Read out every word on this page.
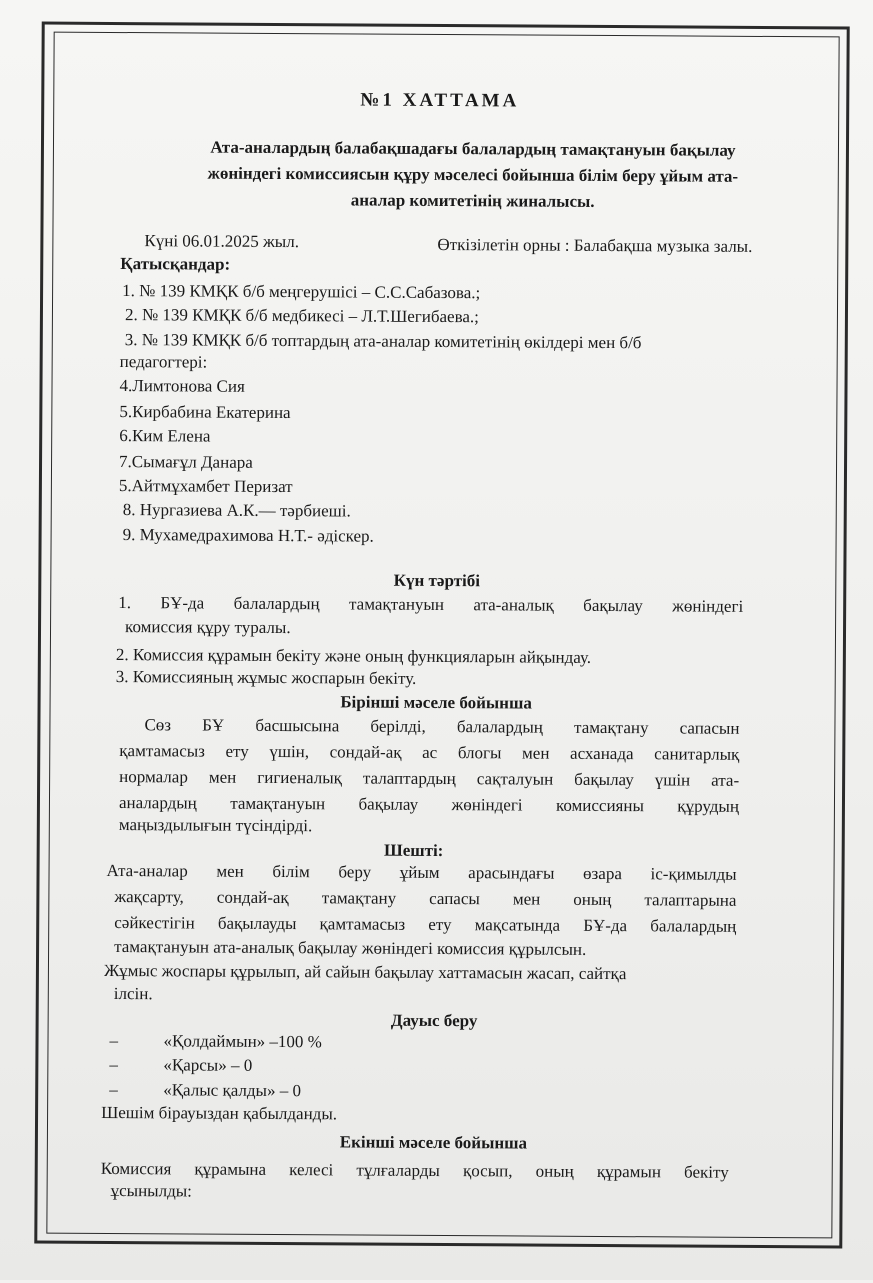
№1 ХАТТАМА
Ата-аналардың балабақшадағы балалардың тамақтануын бақылау
жөніндегі комиссиясын құру мәселесі бойынша білім беру ұйым ата-
аналар комитетінің жиналысы.
Күні 06.01.2025 жыл.	Өткізілетін орны : Балабақша музыка залы.
Қатысқандар:
1. № 139 КМҚК б/б меңгерушісі – С.С.Сабазова.;
2. № 139 КМҚК б/б медбикесі – Л.Т.Шегибаева.;
3. № 139 КМҚК б/б топтардың ата-аналар комитетінің өкілдері мен б/б
педагогтері:
4.Лимтонова Сия
5.Кирбабина Екатерина
6.Ким Елена
7.Сымағұл Данара
5.Айтмұхамбет Перизат
8. Нургазиева А.К.— тәрбиеші.
9. Мухамедрахимова Н.Т.- әдіскер.
Күн тәртібі
1. БҰ-да балалардың тамақтануын ата-аналық бақылау жөніндегі
комиссия құру туралы.
2. Комиссия құрамын бекіту және оның функцияларын айқындау.
3. Комиссияның жұмыс жоспарын бекіту.
Бірінші мәселе бойынша
Сөз БҰ басшысына берілді, балалардың тамақтану сапасын
қамтамасыз ету үшін, сондай-ақ ас блогы мен асханада санитарлық
нормалар мен гигиеналық талаптардың сақталуын бақылау үшін ата-
аналардың тамақтануын бақылау жөніндегі комиссияны құрудың
маңыздылығын түсіндірді.
Шешті:
Ата-аналар мен білім беру ұйым арасындағы өзара іс-қимылды
жақсарту, сондай-ақ тамақтану сапасы мен оның талаптарына
сәйкестігін бақылауды қамтамасыз ету мақсатында БҰ-да балалардың
тамақтануын ата-аналық бақылау жөніндегі комиссия құрылсын.
Жұмыс жоспары құрылып, ай сайын бақылау хаттамасын жасап, сайтқа
ілсін.
Дауыс беру
–	«Қолдаймын» –100 %
–	«Қарсы» – 0
–	«Қалыс қалды» – 0
Шешім бірауыздан қабылданды.
Екінші мәселе бойынша
Комиссия құрамына келесі тұлғаларды қосып, оның құрамын бекіту
ұсынылды:
